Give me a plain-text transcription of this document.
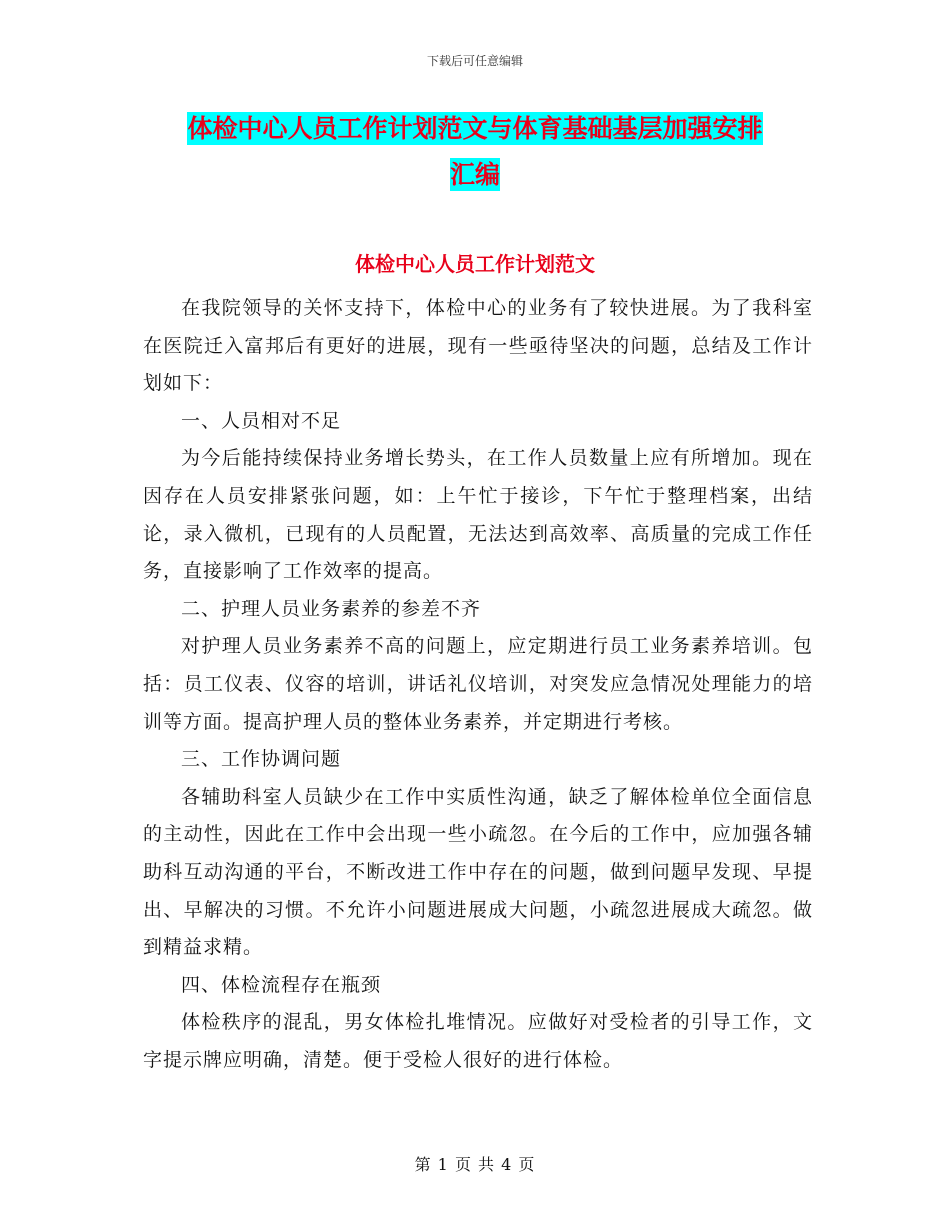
下载后可任意编辑
体检中心人员工作计划范文与体育基础基层加强安排
汇编
体检中心人员工作计划范文

在我院领导的关怀支持下，体检中心的业务有了较快进展。为了我科室在医院迁入富邦后有更好的进展，现有一些亟待坚决的问题，总结及工作计划如下：

一、人员相对不足

为今后能持续保持业务增长势头，在工作人员数量上应有所增加。现在因存在人员安排紧张问题，如：上午忙于接诊，下午忙于整理档案，出结论，录入微机，已现有的人员配置，无法达到高效率、高质量的完成工作任务，直接影响了工作效率的提高。

二、护理人员业务素养的参差不齐

对护理人员业务素养不高的问题上，应定期进行员工业务素养培训。包括：员工仪表、仪容的培训，讲话礼仪培训，对突发应急情况处理能力的培训等方面。提高护理人员的整体业务素养，并定期进行考核。

三、工作协调问题

各辅助科室人员缺少在工作中实质性沟通，缺乏了解体检单位全面信息的主动性，因此在工作中会出现一些小疏忽。在今后的工作中，应加强各辅助科互动沟通的平台，不断改进工作中存在的问题，做到问题早发现、早提出、早解决的习惯。不允许小问题进展成大问题，小疏忽进展成大疏忽。做到精益求精。

四、体检流程存在瓶颈

体检秩序的混乱，男女体检扎堆情况。应做好对受检者的引导工作，文字提示牌应明确，清楚。便于受检人很好的进行体检。

第 1 页 共 4 页
